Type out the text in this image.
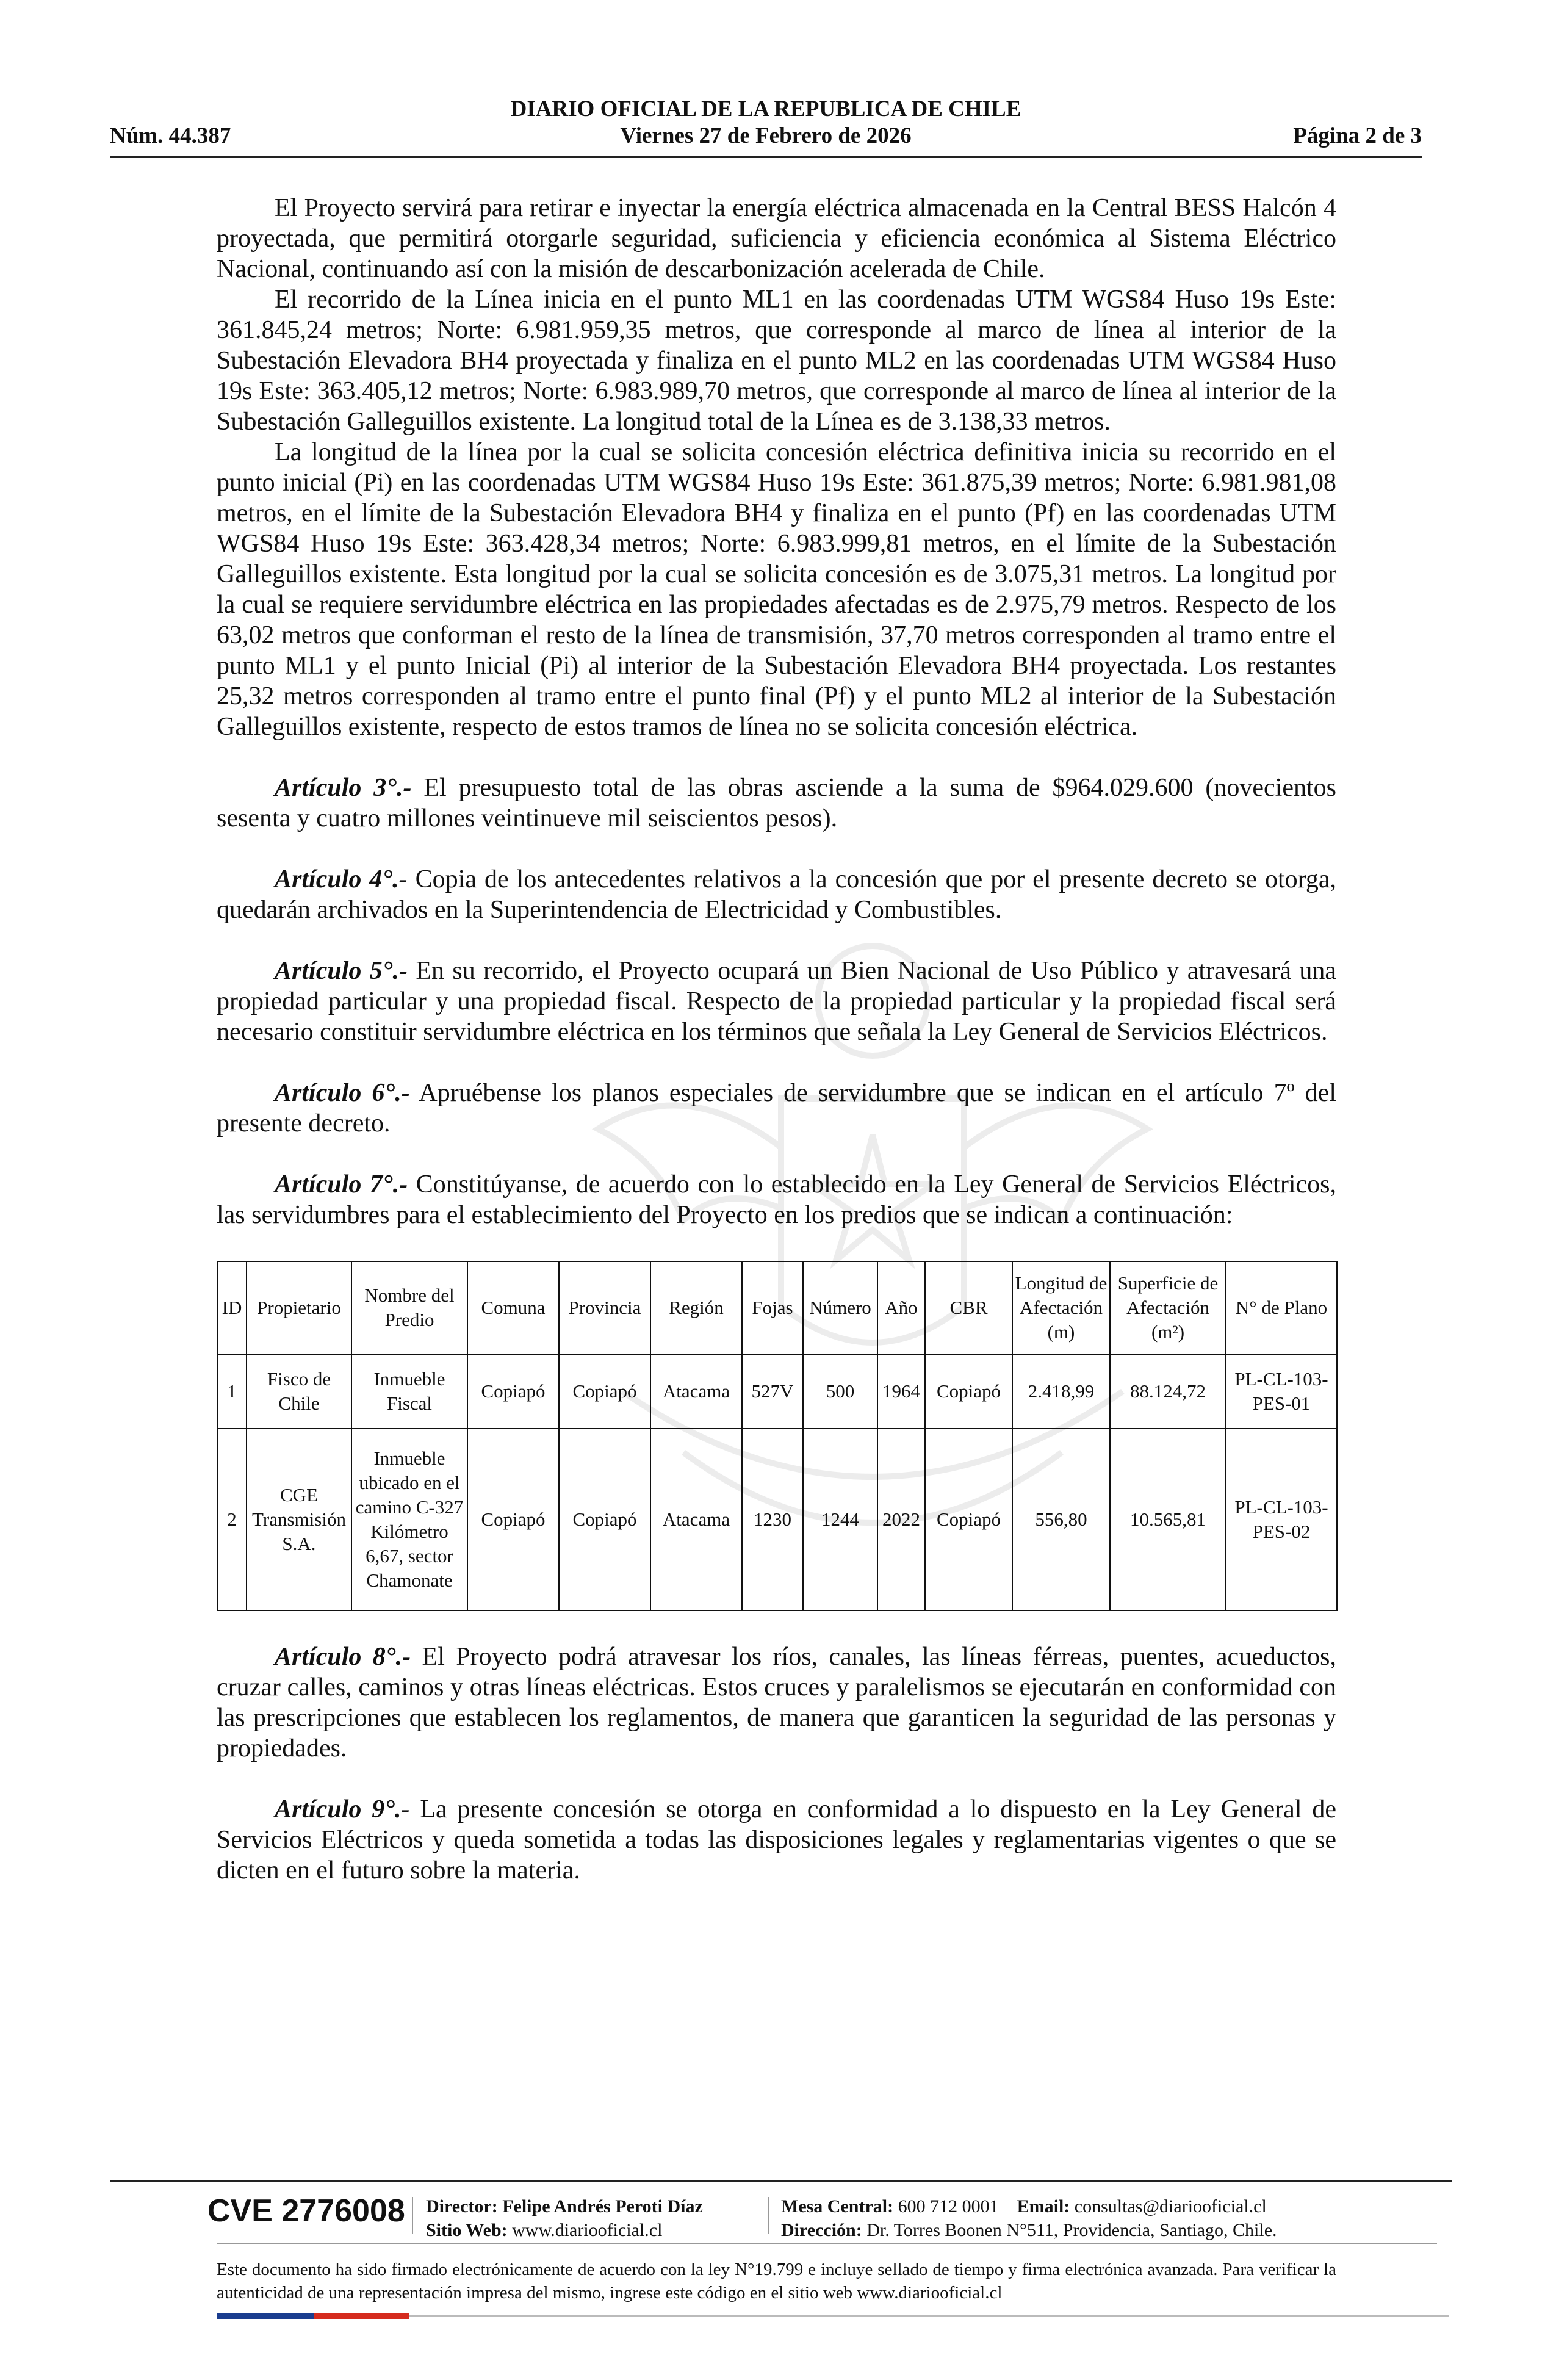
DIARIO OFICIAL DE LA REPUBLICA DE CHILE
Núm. 44.387	Viernes 27 de Febrero de 2026	Página 2 de 3

El Proyecto servirá para retirar e inyectar la energía eléctrica almacenada en la Central BESS Halcón 4 proyectada, que permitirá otorgarle seguridad, suficiencia y eficiencia económica al Sistema Eléctrico Nacional, continuando así con la misión de descarbonización acelerada de Chile.

El recorrido de la Línea inicia en el punto ML1 en las coordenadas UTM WGS84 Huso 19s Este: 361.845,24 metros; Norte: 6.981.959,35 metros, que corresponde al marco de línea al interior de la Subestación Elevadora BH4 proyectada y finaliza en el punto ML2 en las coordenadas UTM WGS84 Huso 19s Este: 363.405,12 metros; Norte: 6.983.989,70 metros, que corresponde al marco de línea al interior de la Subestación Galleguillos existente. La longitud total de la Línea es de 3.138,33 metros.

La longitud de la línea por la cual se solicita concesión eléctrica definitiva inicia su recorrido en el punto inicial (Pi) en las coordenadas UTM WGS84 Huso 19s Este: 361.875,39 metros; Norte: 6.981.981,08 metros, en el límite de la Subestación Elevadora BH4 y finaliza en el punto (Pf) en las coordenadas UTM WGS84 Huso 19s Este: 363.428,34 metros; Norte: 6.983.999,81 metros, en el límite de la Subestación Galleguillos existente. Esta longitud por la cual se solicita concesión es de 3.075,31 metros. La longitud por la cual se requiere servidumbre eléctrica en las propiedades afectadas es de 2.975,79 metros. Respecto de los 63,02 metros que conforman el resto de la línea de transmisión, 37,70 metros corresponden al tramo entre el punto ML1 y el punto Inicial (Pi) al interior de la Subestación Elevadora BH4 proyectada. Los restantes 25,32 metros corresponden al tramo entre el punto final (Pf) y el punto ML2 al interior de la Subestación Galleguillos existente, respecto de estos tramos de línea no se solicita concesión eléctrica.

Artículo 3°.- El presupuesto total de las obras asciende a la suma de $964.029.600 (novecientos sesenta y cuatro millones veintinueve mil seiscientos pesos).

Artículo 4°.- Copia de los antecedentes relativos a la concesión que por el presente decreto se otorga, quedarán archivados en la Superintendencia de Electricidad y Combustibles.

Artículo 5°.- En su recorrido, el Proyecto ocupará un Bien Nacional de Uso Público y atravesará una propiedad particular y una propiedad fiscal. Respecto de la propiedad particular y la propiedad fiscal será necesario constituir servidumbre eléctrica en los términos que señala la Ley General de Servicios Eléctricos.

Artículo 6°.- Apruébense los planos especiales de servidumbre que se indican en el artículo 7º del presente decreto.

Artículo 7°.- Constitúyanse, de acuerdo con lo establecido en la Ley General de Servicios Eléctricos, las servidumbres para el establecimiento del Proyecto en los predios que se indican a continuación:

ID	Propietario	Nombre del Predio	Comuna	Provincia	Región	Fojas	Número	Año	CBR	Longitud de Afectación (m)	Superficie de Afectación (m²)	N° de Plano
1	Fisco de Chile	Inmueble Fiscal	Copiapó	Copiapó	Atacama	527V	500	1964	Copiapó	2.418,99	88.124,72	PL-CL-103-PES-01
2	CGE Transmisión S.A.	Inmueble ubicado en el camino C-327 Kilómetro 6,67, sector Chamonate	Copiapó	Copiapó	Atacama	1230	1244	2022	Copiapó	556,80	10.565,81	PL-CL-103-PES-02

Artículo 8°.- El Proyecto podrá atravesar los ríos, canales, las líneas férreas, puentes, acueductos, cruzar calles, caminos y otras líneas eléctricas. Estos cruces y paralelismos se ejecutarán en conformidad con las prescripciones que establecen los reglamentos, de manera que garanticen la seguridad de las personas y propiedades.

Artículo 9°.- La presente concesión se otorga en conformidad a lo dispuesto en la Ley General de Servicios Eléctricos y queda sometida a todas las disposiciones legales y reglamentarias vigentes o que se dicten en el futuro sobre la materia.

CVE 2776008 Director: Felipe Andrés Peroti Díaz
Sitio Web: www.diariooficial.cl
Mesa Central: 600 712 0001 Email: consultas@diariooficial.cl
Dirección: Dr. Torres Boonen N°511, Providencia, Santiago, Chile.
Este documento ha sido firmado electrónicamente de acuerdo con la ley N°19.799 e incluye sellado de tiempo y firma electrónica avanzada. Para verificar la autenticidad de una representación impresa del mismo, ingrese este código en el sitio web www.diariooficial.cl
